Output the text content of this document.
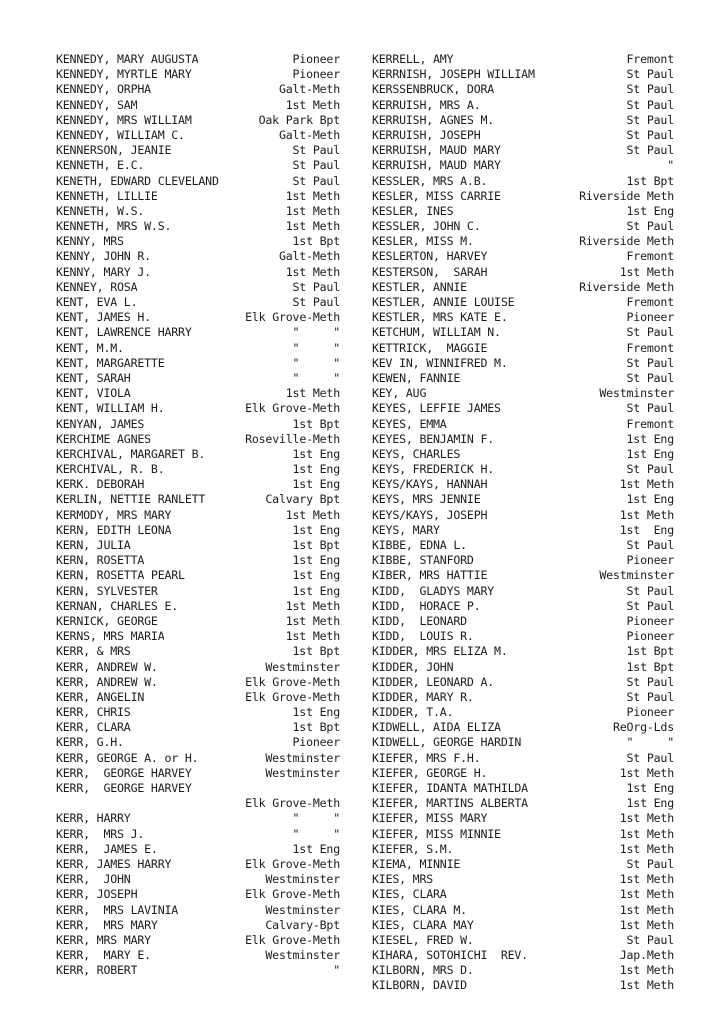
KENNEDY, MARY AUGUSTA	Pioneer
KENNEDY, MYRTLE MARY	Pioneer
KENNEDY, ORPHA	Galt-Meth
KENNEDY, SAM	1st Meth
KENNEDY, MRS WILLIAM	Oak Park Bpt
KENNEDY, WILLIAM C.	Galt-Meth
KENNERSON, JEANIE	St Paul
KENNETH, E.C.	St Paul
KENETH, EDWARD CLEVELAND	St Paul
KENNETH, LILLIE	1st Meth
KENNETH, W.S.	1st Meth
KENNETH, MRS W.S.	1st Meth
KENNY, MRS	1st Bpt
KENNY, JOHN R.	Galt-Meth
KENNY, MARY J.	1st Meth
KENNEY, ROSA	St Paul
KENT, EVA L.	St Paul
KENT, JAMES H.	Elk Grove-Meth
KENT, LAWRENCE HARRY	"     "
KENT, M.M.	"     "
KENT, MARGARETTE	"     "
KENT, SARAH	"     "
KENT, VIOLA	1st Meth
KENT, WILLIAM H.	Elk Grove-Meth
KENYAN, JAMES	1st Bpt
KERCHIME AGNES	Roseville-Meth
KERCHIVAL, MARGARET B.	1st Eng
KERCHIVAL, R. B.	1st Eng
KERK. DEBORAH	1st Eng
KERLIN, NETTIE RANLETT	Calvary Bpt
KERMODY, MRS MARY	1st Meth
KERN, EDITH LEONA	1st Eng
KERN, JULIA	1st Bpt
KERN, ROSETTA	1st Eng
KERN, ROSETTA PEARL	1st Eng
KERN, SYLVESTER	1st Eng
KERNAN, CHARLES E.	1st Meth
KERNICK, GEORGE	1st Meth
KERNS, MRS MARIA	1st Meth
KERR, & MRS	1st Bpt
KERR, ANDREW W.	Westminster
KERR, ANDREW W.	Elk Grove-Meth
KERR, ANGELIN	Elk Grove-Meth
KERR, CHRIS	1st Eng
KERR, CLARA	1st Bpt
KERR, G.H.	Pioneer
KERR, GEORGE A. or H.	Westminster
KERR,  GEORGE HARVEY	Westminster
KERR,  GEORGE HARVEY
Elk Grove-Meth
KERR, HARRY	"     "
KERR,  MRS J.	"     "
KERR,  JAMES E.	1st Eng
KERR, JAMES HARRY	Elk Grove-Meth
KERR,  JOHN	Westminster
KERR, JOSEPH	Elk Grove-Meth
KERR,  MRS LAVINIA	Westminster
KERR,  MRS MARY	Calvary-Bpt
KERR, MRS MARY	Elk Grove-Meth
KERR,  MARY E.	Westminster
KERR, ROBERT	"
KERRELL, AMY	Fremont
KERRNISH, JOSEPH WILLIAM	St Paul
KERSSENBRUCK, DORA	St Paul
KERRUISH, MRS A.	St Paul
KERRUISH, AGNES M.	St Paul
KERRUISH, JOSEPH	St Paul
KERRUISH, MAUD MARY	St Paul
KERRUISH, MAUD MARY	"
KESSLER, MRS A.B.	1st Bpt
KESLER, MISS CARRIE	Riverside Meth
KESLER, INES	1st Eng
KESSLER, JOHN C.	St Paul
KESLER, MISS M.	Riverside Meth
KESLERTON, HARVEY	Fremont
KESTERSON,  SARAH	1st Meth
KESTLER, ANNIE	Riverside Meth
KESTLER, ANNIE LOUISE	Fremont
KESTLER, MRS KATE E.	Pioneer
KETCHUM, WILLIAM N.	St Paul
KETTRICK,  MAGGIE	Fremont
KEV IN, WINNIFRED M.	St Paul
KEWEN, FANNIE	St Paul
KEY, AUG	Westminster
KEYES, LEFFIE JAMES	St Paul
KEYES, EMMA	Fremont
KEYES, BENJAMIN F.	1st Eng
KEYS, CHARLES	1st Eng
KEYS, FREDERICK H.	St Paul
KEYS/KAYS, HANNAH	1st Meth
KEYS, MRS JENNIE	1st Eng
KEYS/KAYS, JOSEPH	1st Meth
KEYS, MARY	1st  Eng
KIBBE, EDNA L.	St Paul
KIBBE, STANFORD	Pioneer
KIBER, MRS HATTIE	Westminster
KIDD,  GLADYS MARY	St Paul
KIDD,  HORACE P.	St Paul
KIDD,  LEONARD	Pioneer
KIDD,  LOUIS R.	Pioneer
KIDDER, MRS ELIZA M.	1st Bpt
KIDDER, JOHN	1st Bpt
KIDDER, LEONARD A.	St Paul
KIDDER, MARY R.	St Paul
KIDDER, T.A.	Pioneer
KIDWELL, AIDA ELIZA	ReOrg-Lds
KIDWELL, GEORGE HARDIN	"     "
KIEFER, MRS F.H.	St Paul
KIEFER, GEORGE H.	1st Meth
KIEFER, IDANTA MATHILDA	1st Eng
KIEFER, MARTINS ALBERTA	1st Eng
KIEFER, MISS MARY	1st Meth
KIEFER, MISS MINNIE	1st Meth
KIEFER, S.M.	1st Meth
KIEMA, MINNIE	St Paul
KIES, MRS	1st Meth
KIES, CLARA	1st Meth
KIES, CLARA M.	1st Meth
KIES, CLARA MAY	1st Meth
KIESEL, FRED W.	St Paul
KIHARA, SOTOHICHI  REV.	Jap.Meth
KILBORN, MRS D.	1st Meth
KILBORN, DAVID	1st Meth
